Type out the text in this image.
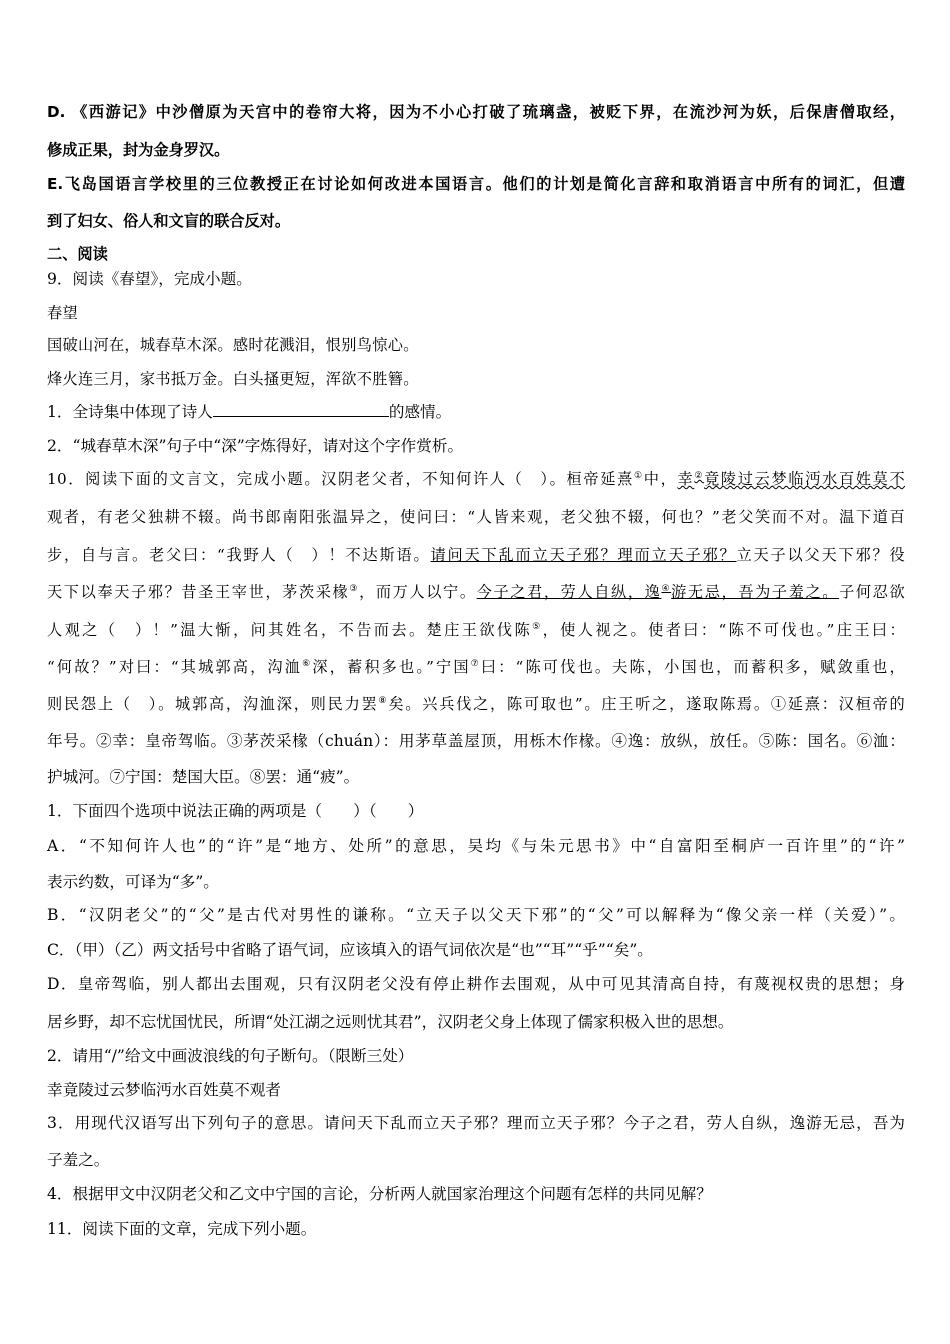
D. 《西游记》中沙僧原为天宫中的卷帘大将，因为不小心打破了琉璃盏，被贬下界，在流沙河为妖，后保唐僧取经，
修成正果，封为金身罗汉。
E.飞岛国语言学校里的三位教授正在讨论如何改进本国语言。他们的计划是简化言辞和取消语言中所有的词汇，但遭
到了妇女、俗人和文盲的联合反对。
二、阅读
9．阅读《春望》，完成小题。
春望
国破山河在，城春草木深。感时花溅泪，恨别鸟惊心。
烽火连三月，家书抵万金。白头搔更短，浑欲不胜簪。
1．全诗集中体现了诗人	的感情。
2．“城春草木深”句子中“深”字炼得好，请对这个字作赏析。
10．阅读下面的文言文，完成小题。汉阴老父者，不知何许人（　）。桓帝延熹①中，幸②竟陵过云梦临沔水百姓莫不
观者，有老父独耕不辍。尚书郎南阳张温异之，使问曰：“人皆来观，老父独不辍，何也？”老父笑而不对。温下道百
步，自与言。老父曰：“我野人（　）！不达斯语。请问天下乱而立天子邪？理而立天子邪？立天子以父天下邪？役
天下以奉天子邪？昔圣王宰世，茅茨采椽③，而万人以宁。今子之君，劳人自纵，逸④游无忌，吾为子羞之。子何忍欲
人观之（　）！”温大惭，问其姓名，不告而去。楚庄王欲伐陈⑤，使人视之。使者曰：“陈不可伐也。”庄王曰：
“何故？”对曰：“其城郭高，沟洫⑥深，蓄积多也。”宁国⑦曰：“陈可伐也。夫陈，小国也，而蓄积多，赋敛重也，
则民怨上（　）。城郭高，沟洫深，则民力罢⑧矣。兴兵伐之，陈可取也”。庄王听之，遂取陈焉。①延熹：汉桓帝的
年号。②幸：皇帝驾临。③茅茨采椽（chuán）：用茅草盖屋顶，用栎木作椽。④逸：放纵，放任。⑤陈：国名。⑥洫：
护城河。⑦宁国：楚国大臣。⑧罢：通“疲”。
1．下面四个选项中说法正确的两项是（　　）（　　）
A．“不知何许人也”的“许”是“地方、处所”的意思，吴均《与朱元思书》中“自富阳至桐庐一百许里”的“许”
表示约数，可译为“多”。
B．“汉阴老父”的“父”是古代对男性的谦称。“立天子以父天下邪”的“父”可以解释为“像父亲一样（关爱）”。
C．（甲）（乙）两文括号中省略了语气词，应该填入的语气词依次是“也”“耳”“乎”“矣”。
D．皇帝驾临，别人都出去围观，只有汉阴老父没有停止耕作去围观，从中可见其清高自持，有蔑视权贵的思想；身
居乡野，却不忘忧国忧民，所谓“处江湖之远则忧其君”，汉阴老父身上体现了儒家积极入世的思想。
2．请用“/”给文中画波浪线的句子断句。（限断三处）
幸竟陵过云梦临沔水百姓莫不观者
3．用现代汉语写出下列句子的意思。请问天下乱而立天子邪？理而立天子邪？今子之君，劳人自纵，逸游无忌，吾为
子羞之。
4．根据甲文中汉阴老父和乙文中宁国的言论，分析两人就国家治理这个问题有怎样的共同见解？
11．阅读下面的文章，完成下列小题。
